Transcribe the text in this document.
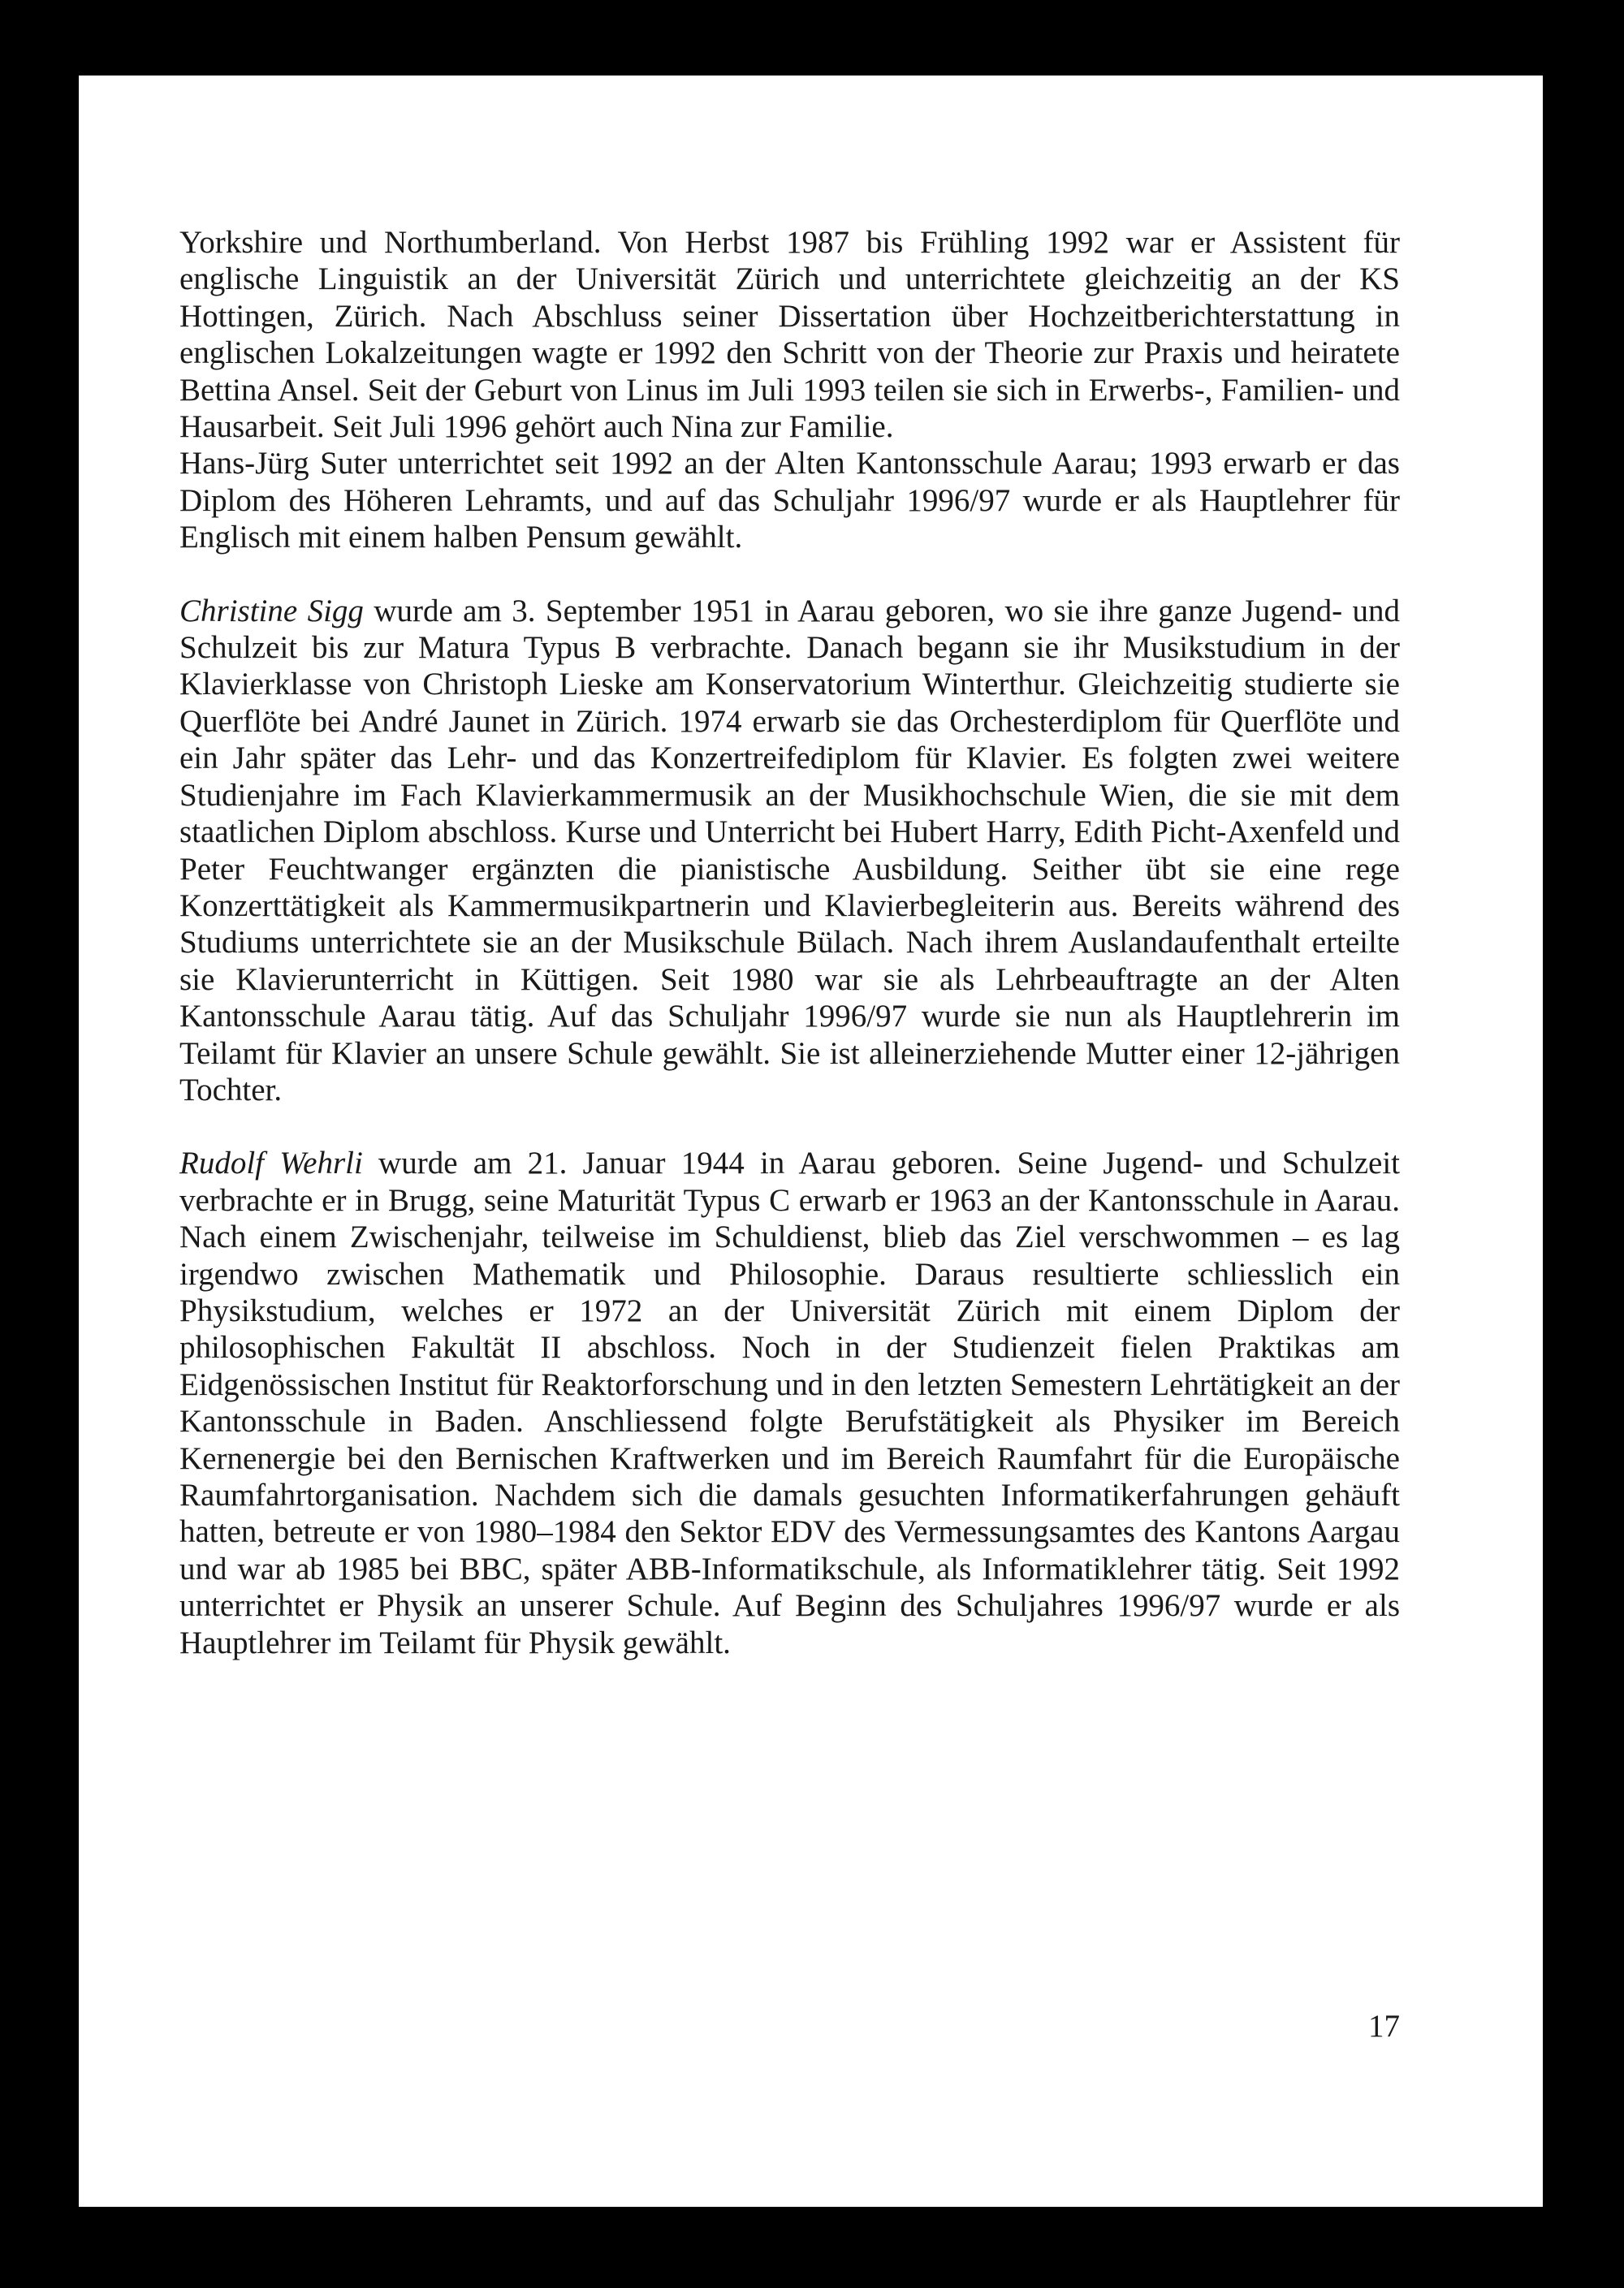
Yorkshire und Northumberland. Von Herbst 1987 bis Frühling 1992 war er Assistent für englische Linguistik an der Universität Zürich und unterrichtete gleichzeitig an der KS Hottingen, Zürich. Nach Abschluss seiner Dissertation über Hochzeitberichterstattung in englischen Lokalzeitungen wagte er 1992 den Schritt von der Theorie zur Praxis und heiratete Bettina Ansel. Seit der Geburt von Linus im Juli 1993 teilen sie sich in Erwerbs-, Familien- und Hausarbeit. Seit Juli 1996 gehört auch Nina zur Familie.

Hans-Jürg Suter unterrichtet seit 1992 an der Alten Kantonsschule Aarau; 1993 erwarb er das Diplom des Höheren Lehramts, und auf das Schuljahr 1996/97 wurde er als Hauptlehrer für Englisch mit einem halben Pensum gewählt.

Christine Sigg wurde am 3. September 1951 in Aarau geboren, wo sie ihre ganze Jugend- und Schulzeit bis zur Matura Typus B verbrachte. Danach begann sie ihr Musikstudium in der Klavierklasse von Christoph Lieske am Konservatorium Winterthur. Gleichzeitig studierte sie Querflöte bei André Jaunet in Zürich. 1974 erwarb sie das Orchesterdiplom für Querflöte und ein Jahr später das Lehr- und das Konzertreifediplom für Klavier. Es folgten zwei weitere Studienjahre im Fach Klavierkammermusik an der Musikhochschule Wien, die sie mit dem staatlichen Diplom abschloss. Kurse und Unterricht bei Hubert Harry, Edith Picht-Axenfeld und Peter Feuchtwanger ergänzten die pianistische Ausbildung. Seither übt sie eine rege Konzerttätigkeit als Kammermusikpartnerin und Klavierbegleiterin aus. Bereits während des Studiums unterrichtete sie an der Musikschule Bülach. Nach ihrem Auslandaufenthalt erteilte sie Klavierunterricht in Küttigen. Seit 1980 war sie als Lehrbeauftragte an der Alten Kantonsschule Aarau tätig. Auf das Schuljahr 1996/97 wurde sie nun als Hauptlehrerin im Teilamt für Klavier an unsere Schule gewählt. Sie ist alleinerziehende Mutter einer 12-jährigen Tochter.

Rudolf Wehrli wurde am 21. Januar 1944 in Aarau geboren. Seine Jugend- und Schulzeit verbrachte er in Brugg, seine Maturität Typus C erwarb er 1963 an der Kantonsschule in Aarau. Nach einem Zwischenjahr, teilweise im Schuldienst, blieb das Ziel verschwommen – es lag irgendwo zwischen Mathematik und Philosophie. Daraus resultierte schliesslich ein Physikstudium, welches er 1972 an der Universität Zürich mit einem Diplom der philosophischen Fakultät II abschloss. Noch in der Studienzeit fielen Praktikas am Eidgenössischen Institut für Reaktorforschung und in den letzten Semestern Lehrtätigkeit an der Kantonsschule in Baden. Anschliessend folgte Berufstätigkeit als Physiker im Bereich Kernenergie bei den Bernischen Kraftwerken und im Bereich Raumfahrt für die Europäische Raumfahrtorganisation. Nachdem sich die damals gesuchten Informatikerfahrungen gehäuft hatten, betreute er von 1980–1984 den Sektor EDV des Vermessungsamtes des Kantons Aargau und war ab 1985 bei BBC, später ABB-Informatikschule, als Informatiklehrer tätig. Seit 1992 unterrichtet er Physik an unserer Schule. Auf Beginn des Schuljahres 1996/97 wurde er als Hauptlehrer im Teilamt für Physik gewählt.

17
